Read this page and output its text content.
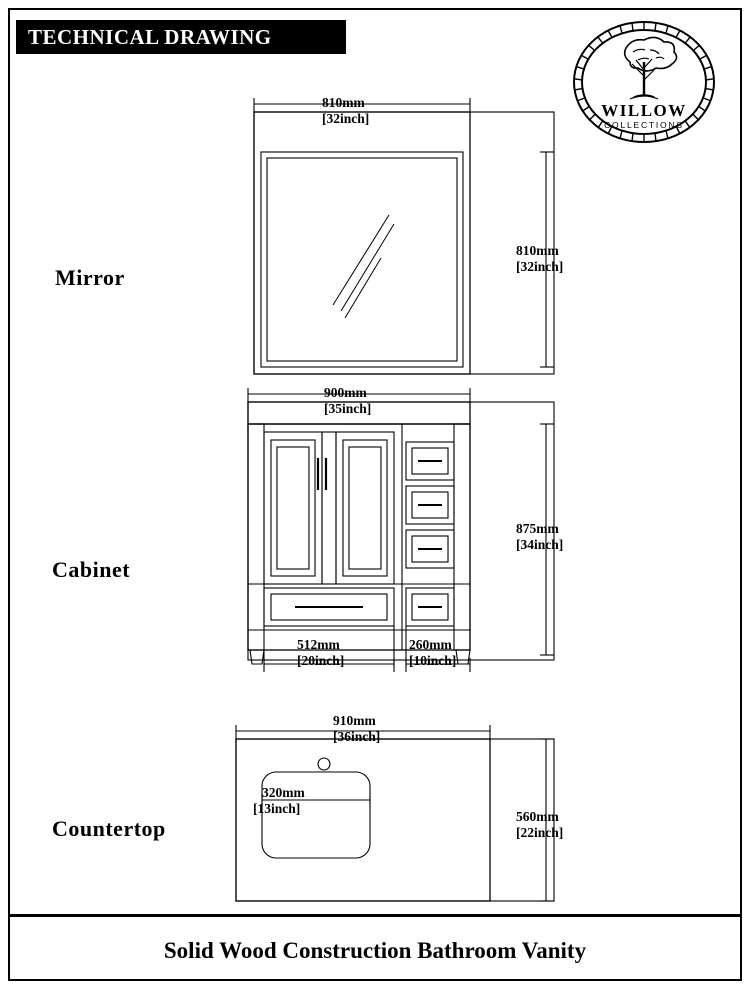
TECHNICAL DRAWING
WILLOW
COLLECTIONS
Mirror
Cabinet
Countertop
810mm
[32inch]
810mm
[32inch]
900mm
[35inch]
875mm
[34inch]
512mm
[20inch]
260mm
[10inch]
910mm
[36inch]
560mm
[22inch]
320mm
[13inch]
Solid Wood Construction Bathroom Vanity
